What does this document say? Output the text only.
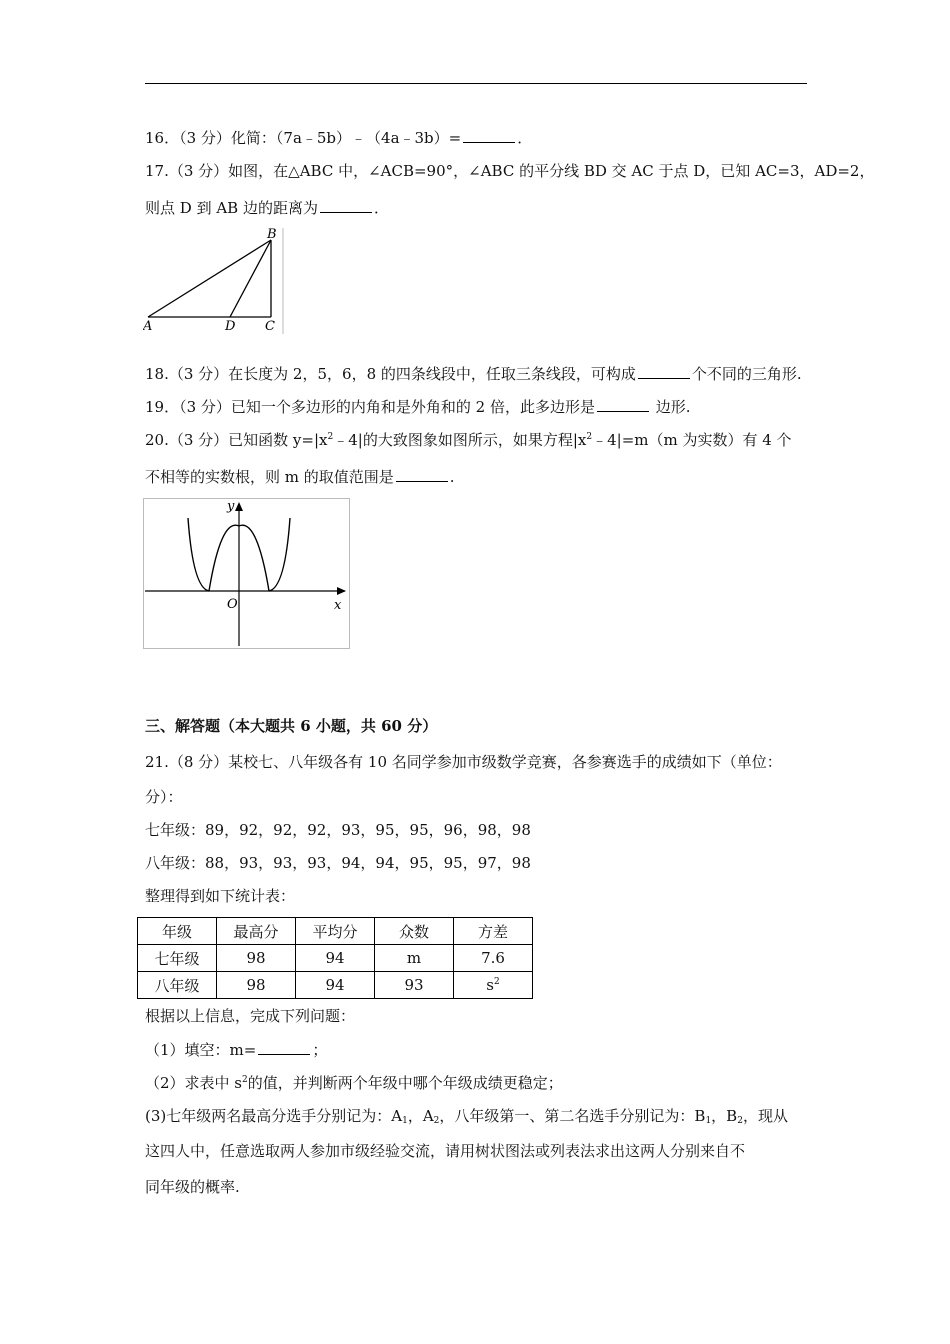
16．（3 分）化简：（7a﹣5b）﹣（4a﹣3b）=	．
17.（3 分）如图，在△ABC 中，∠ACB=90°，∠ABC 的平分线 BD 交 AC 于点 D，已知 AC=3，AD=2，
则点 D 到 AB 边的距离为	．
B
A	D C
18.（3 分）在长度为 2，5，6，8 的四条线段中，任取三条线段，可构成	个不同的三角形.
19．（3 分）已知一个多边形的内角和是外角和的 2 倍，此多边形是	边形.
20.（3 分）已知函数 $y=|x^2﹣4|$的大致图象如图所示，如果方程$|x^2﹣4|=m(m$ 为实数）有 4 个
不相等的实数根，则 m 的取值范围是	.
y
x
O
三、解答题（本大题共 6 小题，共 60 分）
21.（8 分）某校七、八年级各有 10 名同学参加市级数学竞赛，各参赛选手的成绩如下（单位：
分）：
七年级：89，92，92，92，93，95，95，96，98，98
八年级：88，93，93，93，94，94，95，95，97，98
整理得到如下统计表：
年级	最高分	平均分	众数	方差
七年级	98	94	m	7.6
八年级	98	94	93	$s^2$
根据以上信息，完成下列问题：
（1）填空：m=	；
（2）求表中 $s^2$的值，并判断两个年级中哪个年级成绩更稳定；
(3)七年级两名最高分选手分别记为：$A_1$，$A_2$，八年级第一、第二名选手分别记为：$B_1$，$B_2$，现从
这四人中，任意选取两人参加市级经验交流，请用树状图法或列表法求出这两人分别来自不
同年级的概率.
